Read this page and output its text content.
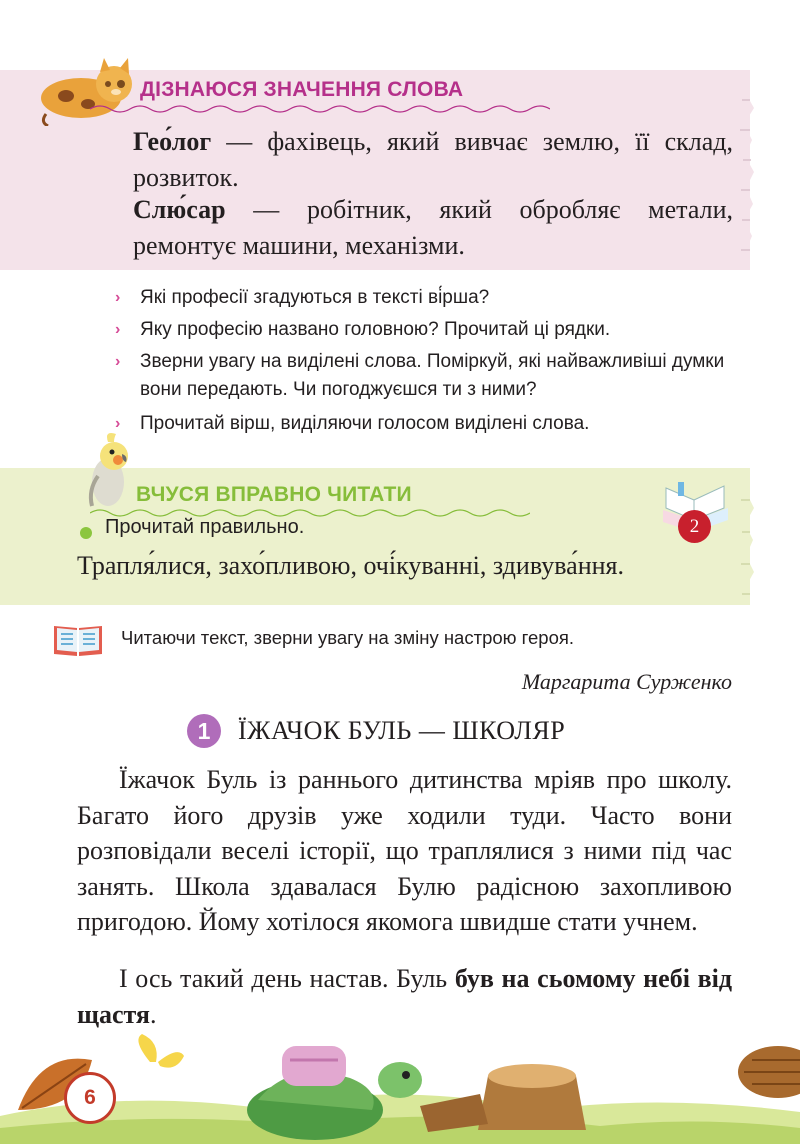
ДІЗНАЮСЯ ЗНАЧЕННЯ СЛОВА
Гео́лог — фахівець, який вивчає землю, її склад, розвиток.
Слю́сар — робітник, який обробляє метали, ремонтує машини, механізми.
›	Які професії згадуються в тексті ві́рша?
›	Яку професію названо головною? Прочитай ці рядки.
›	Зверни увагу на виділені слова. Поміркуй, які найважливіші думки вони передають. Чи погоджуєшся ти з ними?
›	Прочитай вірш, виділяючи голосом виділені слова.
ВЧУСЯ ВПРАВНО ЧИТАТИ
2
Прочитай правильно.
Трапля́лися, захо́пливою, очі́куванні, здивува́ння.
Читаючи текст, зверни увагу на зміну настрою героя.
Маргарита Сурженко
1	ЇЖАЧОК БУЛЬ — ШКОЛЯР
Їжачок Буль із раннього дитинства мріяв про школу. Багато його друзів уже ходили туди. Часто вони розповідали веселі історії, що траплялися з ними під час занять. Школа здавалася Булю радісною захопливою пригодою. Йому хотілося якомога швидше стати учнем.
І ось такий день настав. Буль був на сьомому небі від щастя.
6
